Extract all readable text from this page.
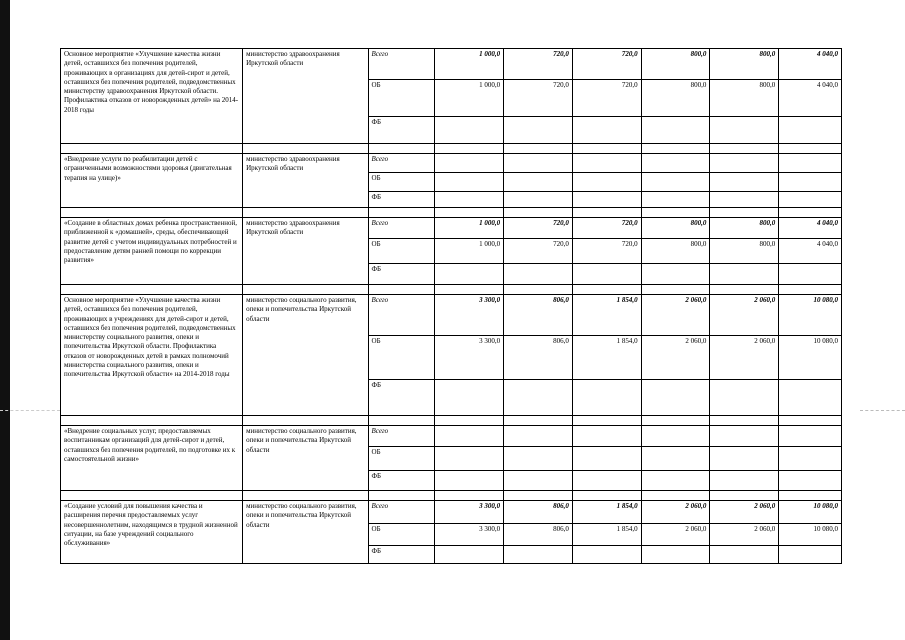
Основное мероприятие «Улучшение качества жизни детей, оставшихся без попечения родителей, проживающих в организациях для детей-сирот и детей, оставшихся без попечения родителей, подведомственных министерству здравоохранения Иркутской области. Профилактика отказов от новорожденных детей» на 2014-2018 годы	министерство здравоохранения Иркутской области	Всего	1 000,0	720,0	720,0	800,0	800,0	4 040,0
		ОБ	1 000,0	720,0	720,0	800,0	800,0	4 040,0
		ФБ						

«Внедрение услуги по реабилитации детей с ограниченными возможностями здоровья (двигательная терапия на улице)»	министерство здравоохранения Иркутской области	Всего						
		ОБ						
		ФБ						

«Создание в областных домах ребенка пространственной, приближенной к «домашней», среды, обеспечивающей развитие детей с учетом индивидуальных потребностей и предоставление детям ранней помощи по коррекции развития»	министерство здравоохранения Иркутской области	Всего	1 000,0	720,0	720,0	800,0	800,0	4 040,0
		ОБ	1 000,0	720,0	720,0	800,0	800,0	4 040,0
		ФБ						

Основное мероприятие «Улучшение качества жизни детей, оставшихся без попечения родителей, проживающих в учреждениях для детей-сирот и детей, оставшихся без попечения родителей, подведомственных министерству социального развития, опеки и попечительства Иркутской области. Профилактика отказов от новорожденных детей в рамках полномочий министерства социального развития, опеки и попечительства Иркутской области» на 2014-2018 годы	министерство социального развития, опеки и попечительства Иркутской области	Всего	3 300,0	806,0	1 854,0	2 060,0	2 060,0	10 080,0
		ОБ	3 300,0	806,0	1 854,0	2 060,0	2 060,0	10 080,0
		ФБ						

«Внедрение социальных услуг, предоставляемых воспитанникам организаций для детей-сирот и детей, оставшихся без попечения родителей, по подготовке их к самостоятельной жизни»	министерство социального развития, опеки и попечительства Иркутской области	Всего						
		ОБ						
		ФБ						

«Создание условий для повышения качества и расширения перечня предоставляемых услуг несовершеннолетним, находящимся в трудной жизненной ситуации, на базе учреждений социального обслуживания»	министерство социального развития, опеки и попечительства Иркутской области	Всего	3 300,0	806,0	1 854,0	2 060,0	2 060,0	10 080,0
		ОБ	3 300,0	806,0	1 854,0	2 060,0	2 060,0	10 080,0
		ФБ						
